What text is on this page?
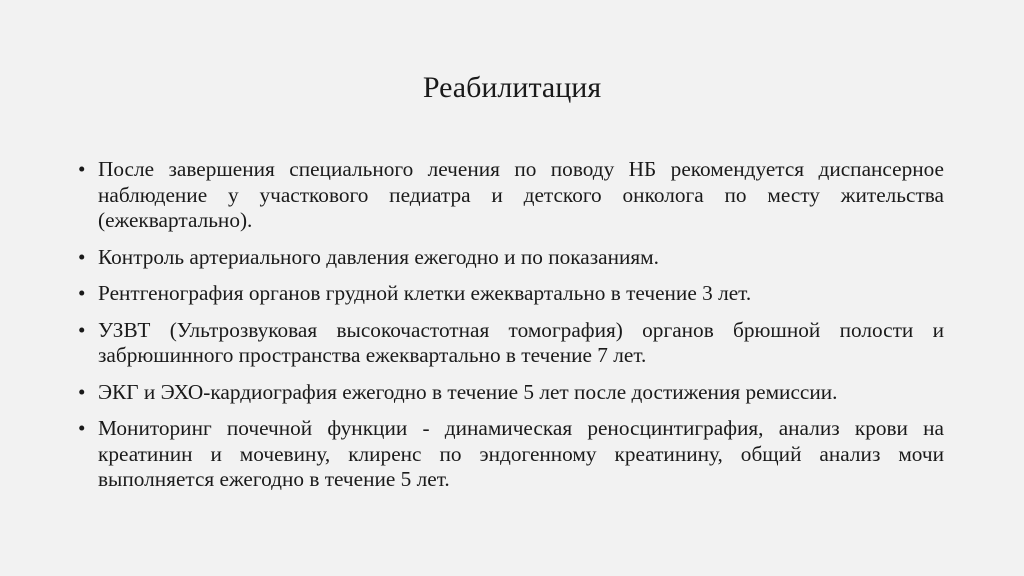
Реабилитация
• После завершения специального лечения по поводу НБ рекомендуется диспансерное наблюдение у участкового педиатра и детского онколога по месту жительства (ежеквартально).
• Контроль артериального давления ежегодно и по показаниям.
• Рентгенография органов грудной клетки ежеквартально в течение 3 лет.
• УЗВТ (Ультрозвуковая высокочастотная томография) органов брюшной полости и забрюшинного пространства ежеквартально в течение 7 лет.
• ЭКГ и ЭХО-кардиография ежегодно в течение 5 лет после достижения ремиссии.
• Мониторинг почечной функции - динамическая реносцинтиграфия, анализ крови на креатинин и мочевину, клиренс по эндогенному креатинину, общий анализ мочи выполняется ежегодно в течение 5 лет.
